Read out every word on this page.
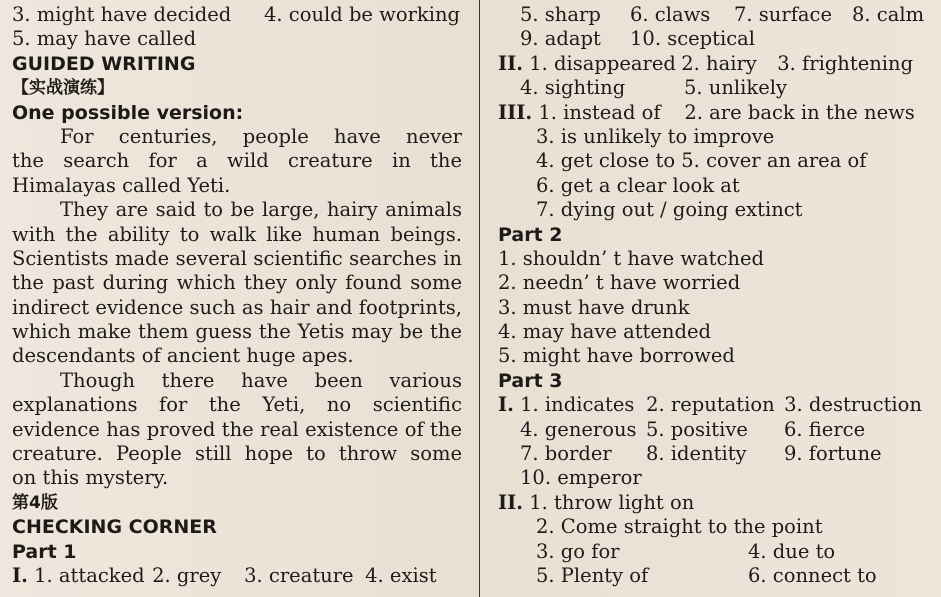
3. might have decided 4. could be working
5. may have called
GUIDED WRITING
【实战演练】
One possible version:
For centuries, people have never
the search for a wild creature in the
Himalayas called Yeti.
They are said to be large, hairy animals
with the ability to walk like human beings.
Scientists made several scientific searches in
the past during which they only found some
indirect evidence such as hair and footprints,
which make them guess the Yetis may be the
descendants of ancient huge apes.
Though there have been various
explanations for the Yeti, no scientific
evidence has proved the real existence of the
creature. People still hope to throw some
on this mystery.
第4版
CHECKING CORNER
Part 1
I. 1. attacked 2. grey 3. creature 4. exist
5. sharp 6. claws 7. surface 8. calm
9. adapt 10. sceptical
II. 1. disappeared 2. hairy 3. frightening
4. sighting	5. unlikely
III. 1. instead of 2. are back in the news
3. is unlikely to improve
4. get close to 5. cover an area of
6. get a clear look at
7. dying out / going extinct
Part 2
1. shouldn’ t have watched
2. needn’ t have worried
3. must have drunk
4. may have attended
5. might have borrowed
Part 3
I. 1. indicates 2. reputation 3. destruction
4. generous 5. positive 6. fierce
7. border 8. identity 9. fortune
10. emperor
II. 1. throw light on
2. Come straight to the point
3. go for	4. due to
5. Plenty of	6. connect to
